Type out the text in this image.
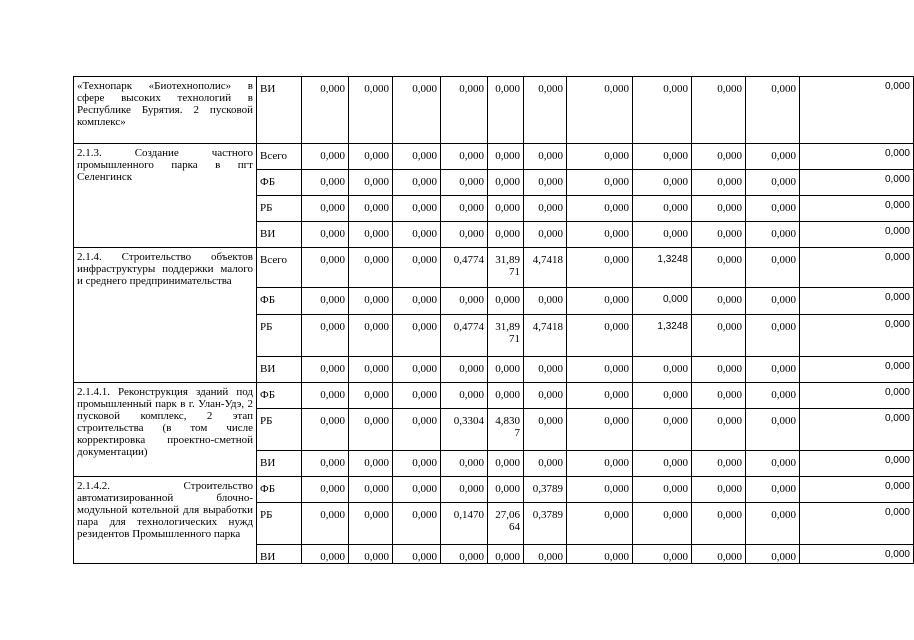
«Технопарк «Биотехнополис» в сфере высоких технологий в Республике Бурятия. 2 пусковой комплекс»	ВИ	0,000	0,000	0,000	0,000	0,000	0,000	0,000	0,000	0,000	0,000	0,000
2.1.3. Создание частного промышленного парка в пгт Селенгинск	Всего	0,000	0,000	0,000	0,000	0,000	0,000	0,000	0,000	0,000	0,000	0,000
	ФБ	0,000	0,000	0,000	0,000	0,000	0,000	0,000	0,000	0,000	0,000	0,000
	РБ	0,000	0,000	0,000	0,000	0,000	0,000	0,000	0,000	0,000	0,000	0,000
	ВИ	0,000	0,000	0,000	0,000	0,000	0,000	0,000	0,000	0,000	0,000	0,000
2.1.4. Строительство объектов инфраструктуры поддержки малого и среднего предпринимательства	Всего	0,000	0,000	0,000	0,4774	31,8971	4,7418	0,000	1,3248	0,000	0,000	0,000
	ФБ	0,000	0,000	0,000	0,000	0,000	0,000	0,000	0,000	0,000	0,000	0,000
	РБ	0,000	0,000	0,000	0,4774	31,8971	4,7418	0,000	1,3248	0,000	0,000	0,000
	ВИ	0,000	0,000	0,000	0,000	0,000	0,000	0,000	0,000	0,000	0,000	0,000
2.1.4.1. Реконструкция зданий под промышленный парк в г. Улан-Удэ, 2 пусковой комплекс, 2 этап строительства (в том числе корректировка проектно-сметной документации)	ФБ	0,000	0,000	0,000	0,000	0,000	0,000	0,000	0,000	0,000	0,000	0,000
	РБ	0,000	0,000	0,000	0,3304	4,8307	0,000	0,000	0,000	0,000	0,000	0,000
	ВИ	0,000	0,000	0,000	0,000	0,000	0,000	0,000	0,000	0,000	0,000	0,000
2.1.4.2. Строительство автоматизированной блочно-модульной котельной для выработки пара для технологических нужд резидентов Промышленного парка	ФБ	0,000	0,000	0,000	0,000	0,000	0,3789	0,000	0,000	0,000	0,000	0,000
	РБ	0,000	0,000	0,000	0,1470	27,0664	0,3789	0,000	0,000	0,000	0,000	0,000
	ВИ	0,000	0,000	0,000	0,000	0,000	0,000	0,000	0,000	0,000	0,000	0,000
